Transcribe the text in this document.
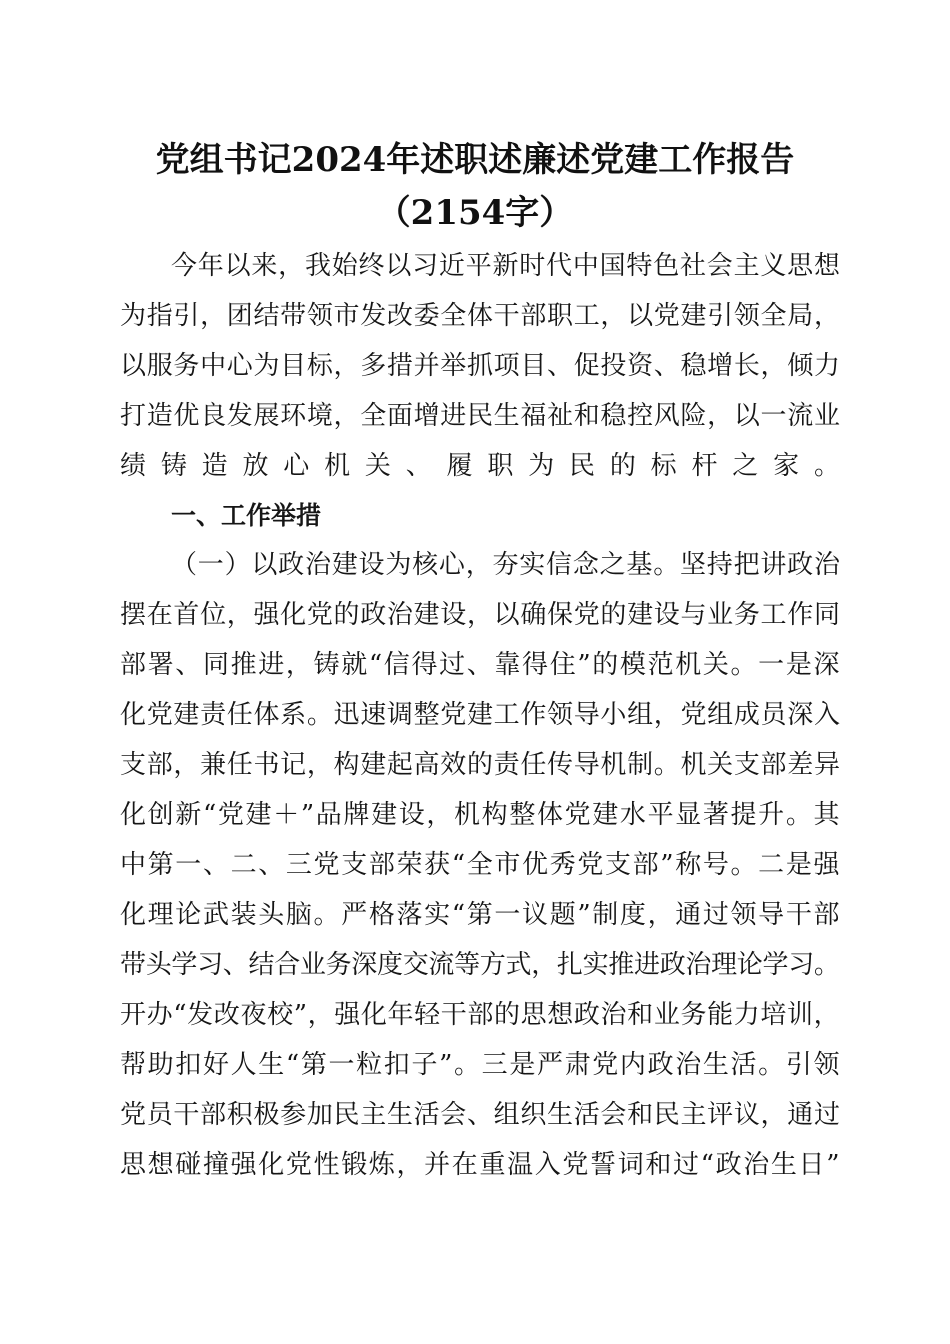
党组书记2024年述职述廉述党建工作报告
（2154字）
今年以来，我始终以习近平新时代中国特色社会主义思想
为指引，团结带领市发改委全体干部职工，以党建引领全局，
以服务中心为目标，多措并举抓项目、促投资、稳增长，倾力
打造优良发展环境，全面增进民生福祉和稳控风险，以一流业
绩铸造放心机关、履职为民的标杆之家。
一、工作举措
（一）以政治建设为核心，夯实信念之基。坚持把讲政治
摆在首位，强化党的政治建设，以确保党的建设与业务工作同
部署、同推进，铸就“信得过、靠得住”的模范机关。一是深
化党建责任体系。迅速调整党建工作领导小组，党组成员深入
支部，兼任书记，构建起高效的责任传导机制。机关支部差异
化创新“党建＋”品牌建设，机构整体党建水平显著提升。其
中第一、二、三党支部荣获“全市优秀党支部”称号。二是强
化理论武装头脑。严格落实“第一议题”制度，通过领导干部
带头学习、结合业务深度交流等方式，扎实推进政治理论学习。
开办“发改夜校”，强化年轻干部的思想政治和业务能力培训，
帮助扣好人生“第一粒扣子”。三是严肃党内政治生活。引领
党员干部积极参加民主生活会、组织生活会和民主评议，通过
思想碰撞强化党性锻炼，并在重温入党誓词和过“政治生日”
